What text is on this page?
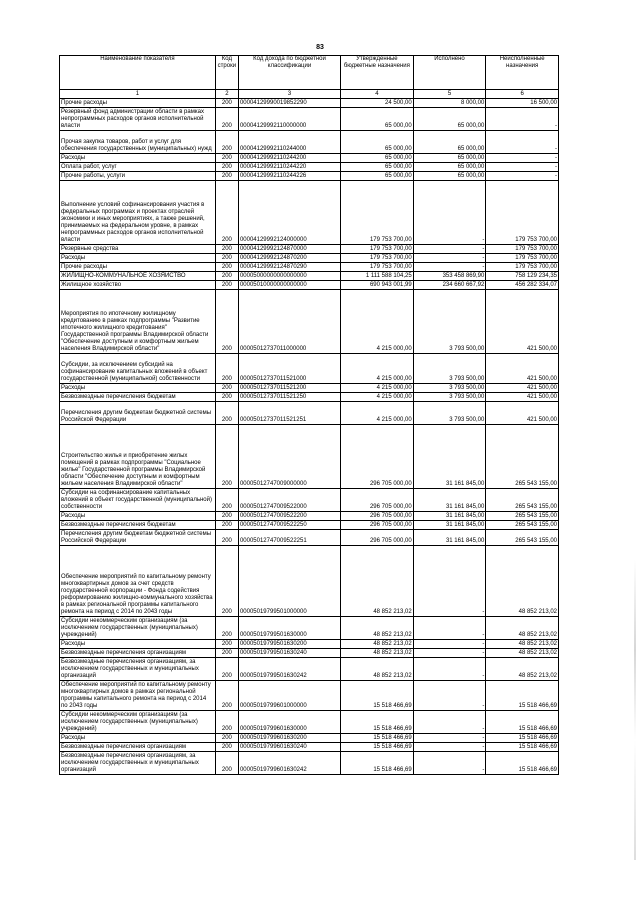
83
Наименование показателя	Код строки	Код дохода по бюджетной классификации	Утвержденные бюджетные назначения	Исполнено	Неисполненные назначения
1	2	3	4	5	6
Прочие расходы	200	00004129990019852290	24 500,00	8 000,00	16 500,00
Резервный фонд администрации области в рамках непрограммных расходов органов исполнительной власти	200	00004129992110000000	65 000,00	65 000,00	-
Прочая закупка товаров, работ и услуг для обеспечения государственных (муниципальных) нужд	200	00004129992110244000	65 000,00	65 000,00	-
Расходы	200	00004129992110244200	65 000,00	65 000,00	-
Оплата работ, услуг	200	00004129992110244220	65 000,00	65 000,00	-
Прочие работы, услуги	200	00004129992110244226	65 000,00	65 000,00	-
Выполнение условий софинансирования участия в федеральных программах и проектах отраслей экономики и иных мероприятиях, а также решений, принимаемых на федеральном уровне, в рамках непрограммных расходов органов исполнительной власти	200	00004129992124000000	179 753 700,00	-	179 753 700,00
Резервные средства	200	00004129992124870000	179 753 700,00	-	179 753 700,00
Расходы	200	00004129992124870200	179 753 700,00	-	179 753 700,00
Прочие расходы	200	00004129992124870290	179 753 700,00	-	179 753 700,00
ЖИЛИЩНО-КОММУНАЛЬНОЕ ХОЗЯЙСТВО	200	00005000000000000000	1 111 588 104,25	353 458 869,90	758 129 234,35
Жилищное хозяйство	200	00005010000000000000	690 943 001,99	234 660 667,92	456 282 334,07
Мероприятия по ипотечному жилищному кредитованию в рамках подпрограммы "Развитие ипотечного жилищного кредитования" Государственной программы Владимирской области "Обеспечение доступным и комфортным жильем населения Владимирской области"	200	00005012737011000000	4 215 000,00	3 793 500,00	421 500,00
Субсидии, за исключением субсидий на софинансирование капитальных вложений в объект государственной (муниципальной) собственности	200	00005012737011521000	4 215 000,00	3 793 500,00	421 500,00
Расходы	200	00005012737011521200	4 215 000,00	3 793 500,00	421 500,00
Безвозмездные перечисления бюджетам	200	00005012737011521250	4 215 000,00	3 793 500,00	421 500,00
Перечисления другим бюджетам бюджетной системы Российской Федерации	200	00005012737011521251	4 215 000,00	3 793 500,00	421 500,00
Строительство жилья и приобретение жилых помещений в рамках подпрограммы "Социальное жилье" Государственной программы Владимирской области "Обеспечение доступным и комфортным жильем населения Владимирской области"	200	00005012747009000000	296 705 000,00	31 161 845,00	265 543 155,00
Субсидии на софинансирование капитальных вложений в объект государственной (муниципальной) собственности	200	00005012747009522000	296 705 000,00	31 161 845,00	265 543 155,00
Расходы	200	00005012747009522200	296 705 000,00	31 161 845,00	265 543 155,00
Безвозмездные перечисления бюджетам	200	00005012747009522250	296 705 000,00	31 161 845,00	265 543 155,00
Перечисления другим бюджетам бюджетной системы Российской Федерации	200	00005012747009522251	296 705 000,00	31 161 845,00	265 543 155,00
Обеспечение мероприятий по капитальному ремонту многоквартирных домов за счет средств государственной корпорации - Фонда содействия реформированию жилищно-коммунального хозяйства в рамках региональной программы капитального ремонта на период с 2014 по 2043 годы	200	00005019799501000000	48 852 213,02	-	48 852 213,02
Субсидии некоммерческим организациям (за исключением государственных (муниципальных) учреждений)	200	00005019799501630000	48 852 213,02	-	48 852 213,02
Расходы	200	00005019799501630200	48 852 213,02	-	48 852 213,02
Безвозмездные перечисления организациям	200	00005019799501630240	48 852 213,02	-	48 852 213,02
Безвозмездные перечисления организациям, за исключением государственных и муниципальных организаций	200	00005019799501630242	48 852 213,02	-	48 852 213,02
Обеспечение мероприятий по капитальному ремонту многоквартирных домов в рамках региональной программы капитального ремонта на период с 2014 по 2043 годы	200	00005019799601000000	15 518 466,69	-	15 518 466,69
Субсидии некоммерческим организациям (за исключением государственных (муниципальных) учреждений)	200	00005019799601630000	15 518 466,69	-	15 518 466,69
Расходы	200	00005019799601630200	15 518 466,69	-	15 518 466,69
Безвозмездные перечисления организациям	200	00005019799601630240	15 518 466,69	-	15 518 466,69
Безвозмездные перечисления организациям, за исключением государственных и муниципальных организаций	200	00005019799601630242	15 518 466,69	-	15 518 466,69
